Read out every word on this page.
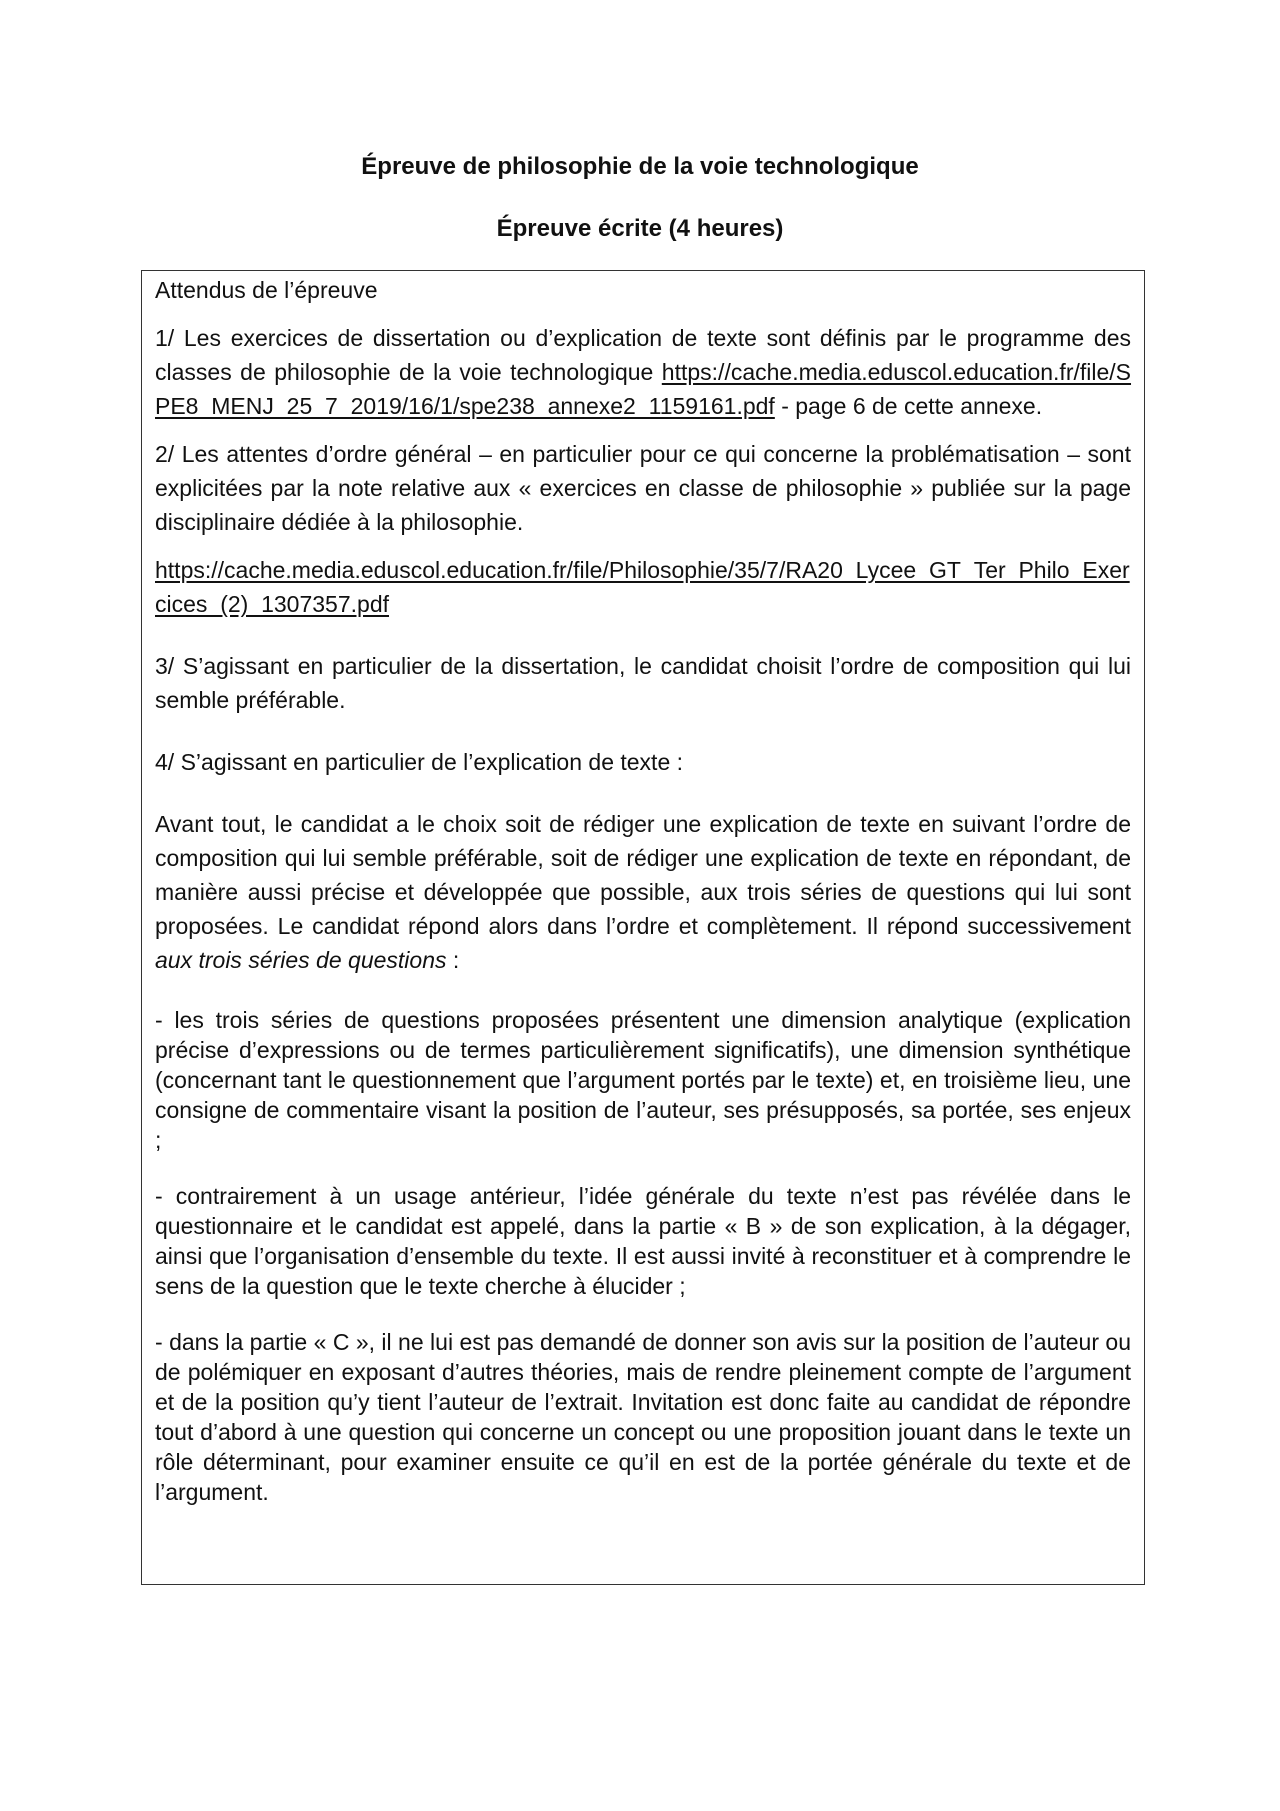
Épreuve de philosophie de la voie technologique
Épreuve écrite (4 heures)

Attendus de l’épreuve

1/ Les exercices de dissertation ou d’explication de texte sont définis par le programme des classes de philosophie de la voie technologique https://cache.media.eduscol.education.fr/file/SPE8_MENJ_25_7_2019/16/1/spe238_annexe2_1159161.pdf - page 6 de cette annexe.

2/ Les attentes d’ordre général – en particulier pour ce qui concerne la problématisation – sont explicitées par la note relative aux « exercices en classe de philosophie » publiée sur la page disciplinaire dédiée à la philosophie.

https://cache.media.eduscol.education.fr/file/Philosophie/35/7/RA20_Lycee_GT_Ter_Philo_Exercices_(2)_1307357.pdf

3/ S’agissant en particulier de la dissertation, le candidat choisit l’ordre de composition qui lui semble préférable.

4/ S’agissant en particulier de l’explication de texte :

Avant tout, le candidat a le choix soit de rédiger une explication de texte en suivant l’ordre de composition qui lui semble préférable, soit de rédiger une explication de texte en répondant, de manière aussi précise et développée que possible, aux trois séries de questions qui lui sont proposées. Le candidat répond alors dans l’ordre et complètement. Il répond successivement aux trois séries de questions :

- les trois séries de questions proposées présentent une dimension analytique (explication précise d’expressions ou de termes particulièrement significatifs), une dimension synthétique (concernant tant le questionnement que l’argument portés par le texte) et, en troisième lieu, une consigne de commentaire visant la position de l’auteur, ses présupposés, sa portée, ses enjeux ;

- contrairement à un usage antérieur, l’idée générale du texte n’est pas révélée dans le questionnaire et le candidat est appelé, dans la partie « B » de son explication, à la dégager, ainsi que l’organisation d’ensemble du texte. Il est aussi invité à reconstituer et à comprendre le sens de la question que le texte cherche à élucider ;

- dans la partie « C », il ne lui est pas demandé de donner son avis sur la position de l’auteur ou de polémiquer en exposant d’autres théories, mais de rendre pleinement compte de l’argument et de la position qu’y tient l’auteur de l’extrait. Invitation est donc faite au candidat de répondre tout d’abord à une question qui concerne un concept ou une proposition jouant dans le texte un rôle déterminant, pour examiner ensuite ce qu’il en est de la portée générale du texte et de l’argument.
